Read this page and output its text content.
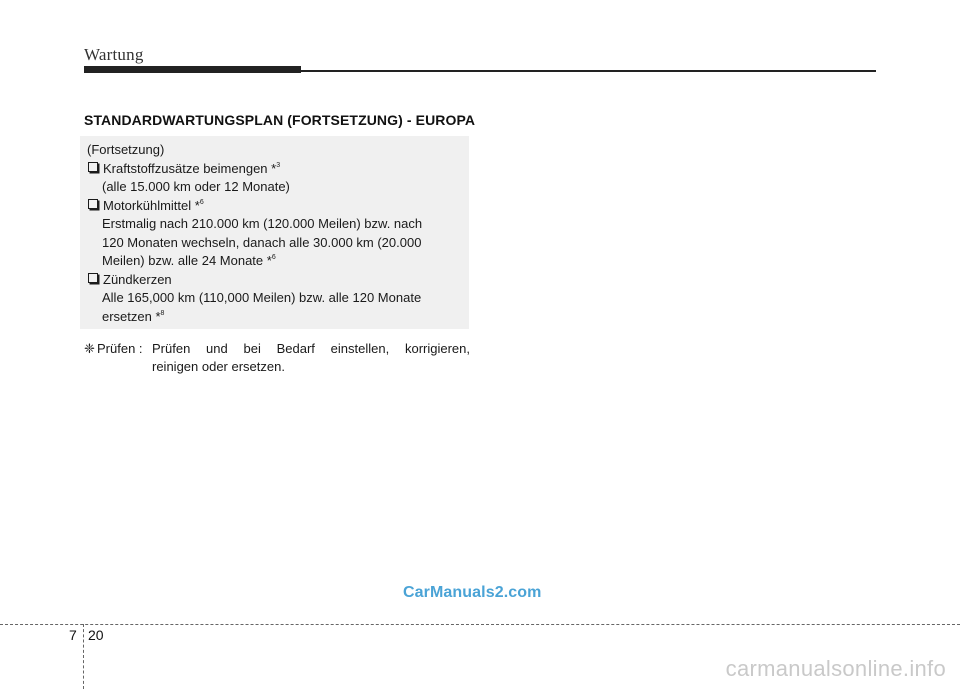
Wartung
STANDARDWARTUNGSPLAN (FORTSETZUNG) - EUROPA
(Fortsetzung)
Kraftstoffzusätze beimengen *$^3$
(alle 15.000 km oder 12 Monate)
Motorkühlmittel *$^6$
Erstmalig nach 210.000 km (120.000 Meilen) bzw. nach
120 Monaten wechseln, danach alle 30.000 km (20.000
Meilen) bzw. alle 24 Monate *$^6$
Zündkerzen
Alle 165,000 km (110,000 Meilen) bzw. alle 120 Monate
ersetzen *$^8$
❈ Prüfen : Prüfen und bei Bedarf einstellen, korrigieren,
reinigen oder ersetzen.
CarManuals2.com
7 20
carmanualsonline.info
